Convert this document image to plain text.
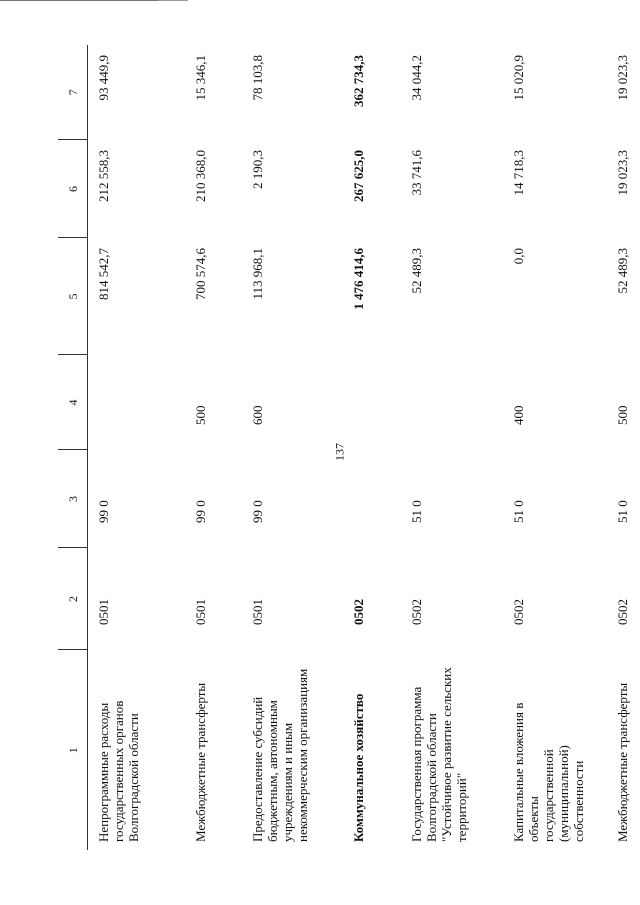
137
1	2	3	4	5	6	7
Непрограммные расходы
государственных органов
Волгоградской области	0501	99 0		814 542,7	212 558,3	93 449,9
Межбюджетные трансферты	0501	99 0	500	700 574,6	210 368,0	15 346,1
Предоставление субсидий
бюджетным, автономным
учреждениям и иным
некоммерческим организациям	0501	99 0	600	113 968,1	2 190,3	78 103,8
Коммунальное хозяйство	0502			1 476 414,6	267 625,0	362 734,3
Государственная программа
Волгоградской области
"Устойчивое развитие сельских
территорий"	0502	51 0		52 489,3	33 741,6	34 044,2
Капитальные вложения в объекты
государственной (муниципальной)
собственности	0502	51 0	400	0,0	14 718,3	15 020,9
Межбюджетные трансферты	0502	51 0	500	52 489,3	19 023,3	19 023,3
